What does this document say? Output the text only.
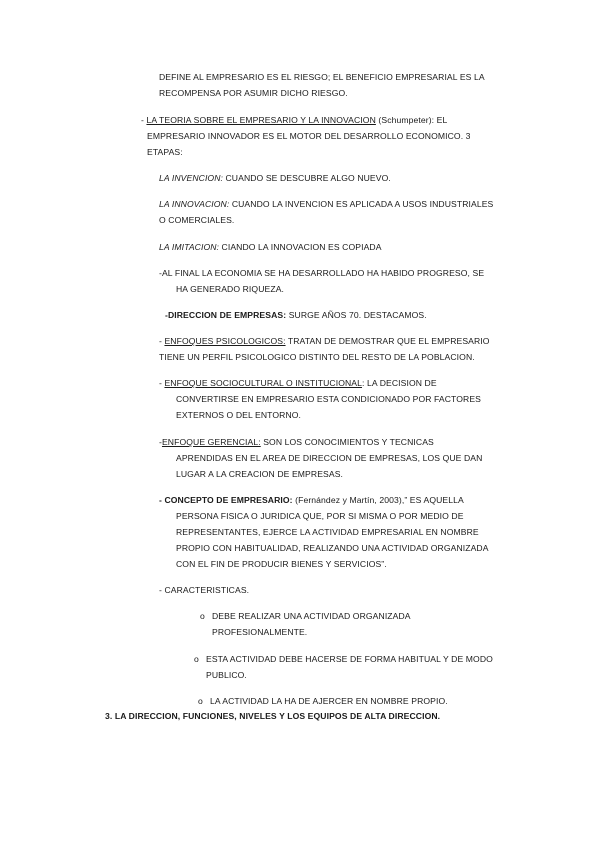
DEFINE AL EMPRESARIO ES EL RIESGO; EL BENEFICIO EMPRESARIAL ES LA
RECOMPENSA POR ASUMIR DICHO RIESGO.
- LA TEORIA SOBRE EL EMPRESARIO Y LA INNOVACION (Schumpeter): EL
EMPRESARIO INNOVADOR ES EL MOTOR DEL DESARROLLO ECONOMICO. 3
ETAPAS:
LA INVENCION: CUANDO SE DESCUBRE ALGO NUEVO.
LA INNOVACION: CUANDO LA INVENCION ES APLICADA A USOS INDUSTRIALES
O COMERCIALES.
LA IMITACION: CIANDO LA INNOVACION ES COPIADA
-AL FINAL LA ECONOMIA SE HA DESARROLLADO HA HABIDO PROGRESO, SE
HA GENERADO RIQUEZA.
-DIRECCION DE EMPRESAS: SURGE AÑOS 70. DESTACAMOS.
- ENFOQUES PSICOLOGICOS: TRATAN DE DEMOSTRAR QUE EL EMPRESARIO
TIENE UN PERFIL PSICOLOGICO DISTINTO DEL RESTO DE LA POBLACION.
- ENFOQUE SOCIOCULTURAL O INSTITUCIONAL: LA DECISION DE
CONVERTIRSE EN EMPRESARIO ESTA CONDICIONADO POR FACTORES
EXTERNOS O DEL ENTORNO.
-ENFOQUE GERENCIAL: SON LOS CONOCIMIENTOS Y TECNICAS
APRENDIDAS EN EL AREA DE DIRECCION DE EMPRESAS, LOS QUE DAN
LUGAR A LA CREACION DE EMPRESAS.
- CONCEPTO DE EMPRESARIO: (Fernández y Martín, 2003),” ES AQUELLA
PERSONA FISICA O JURIDICA QUE, POR SI MISMA O POR MEDIO DE
REPRESENTANTES, EJERCE LA ACTIVIDAD EMPRESARIAL EN NOMBRE
PROPIO CON HABITUALIDAD, REALIZANDO UNA ACTIVIDAD ORGANIZADA
CON EL FIN DE PRODUCIR BIENES Y SERVICIOS”.
- CARACTERISTICAS.
o DEBE REALIZAR UNA ACTIVIDAD ORGANIZADA
PROFESIONALMENTE.
o ESTA ACTIVIDAD DEBE HACERSE DE FORMA HABITUAL Y DE MODO
PUBLICO.
o LA ACTIVIDAD LA HA DE AJERCER EN NOMBRE PROPIO.
3. LA DIRECCION, FUNCIONES, NIVELES Y LOS EQUIPOS DE ALTA DIRECCION.
